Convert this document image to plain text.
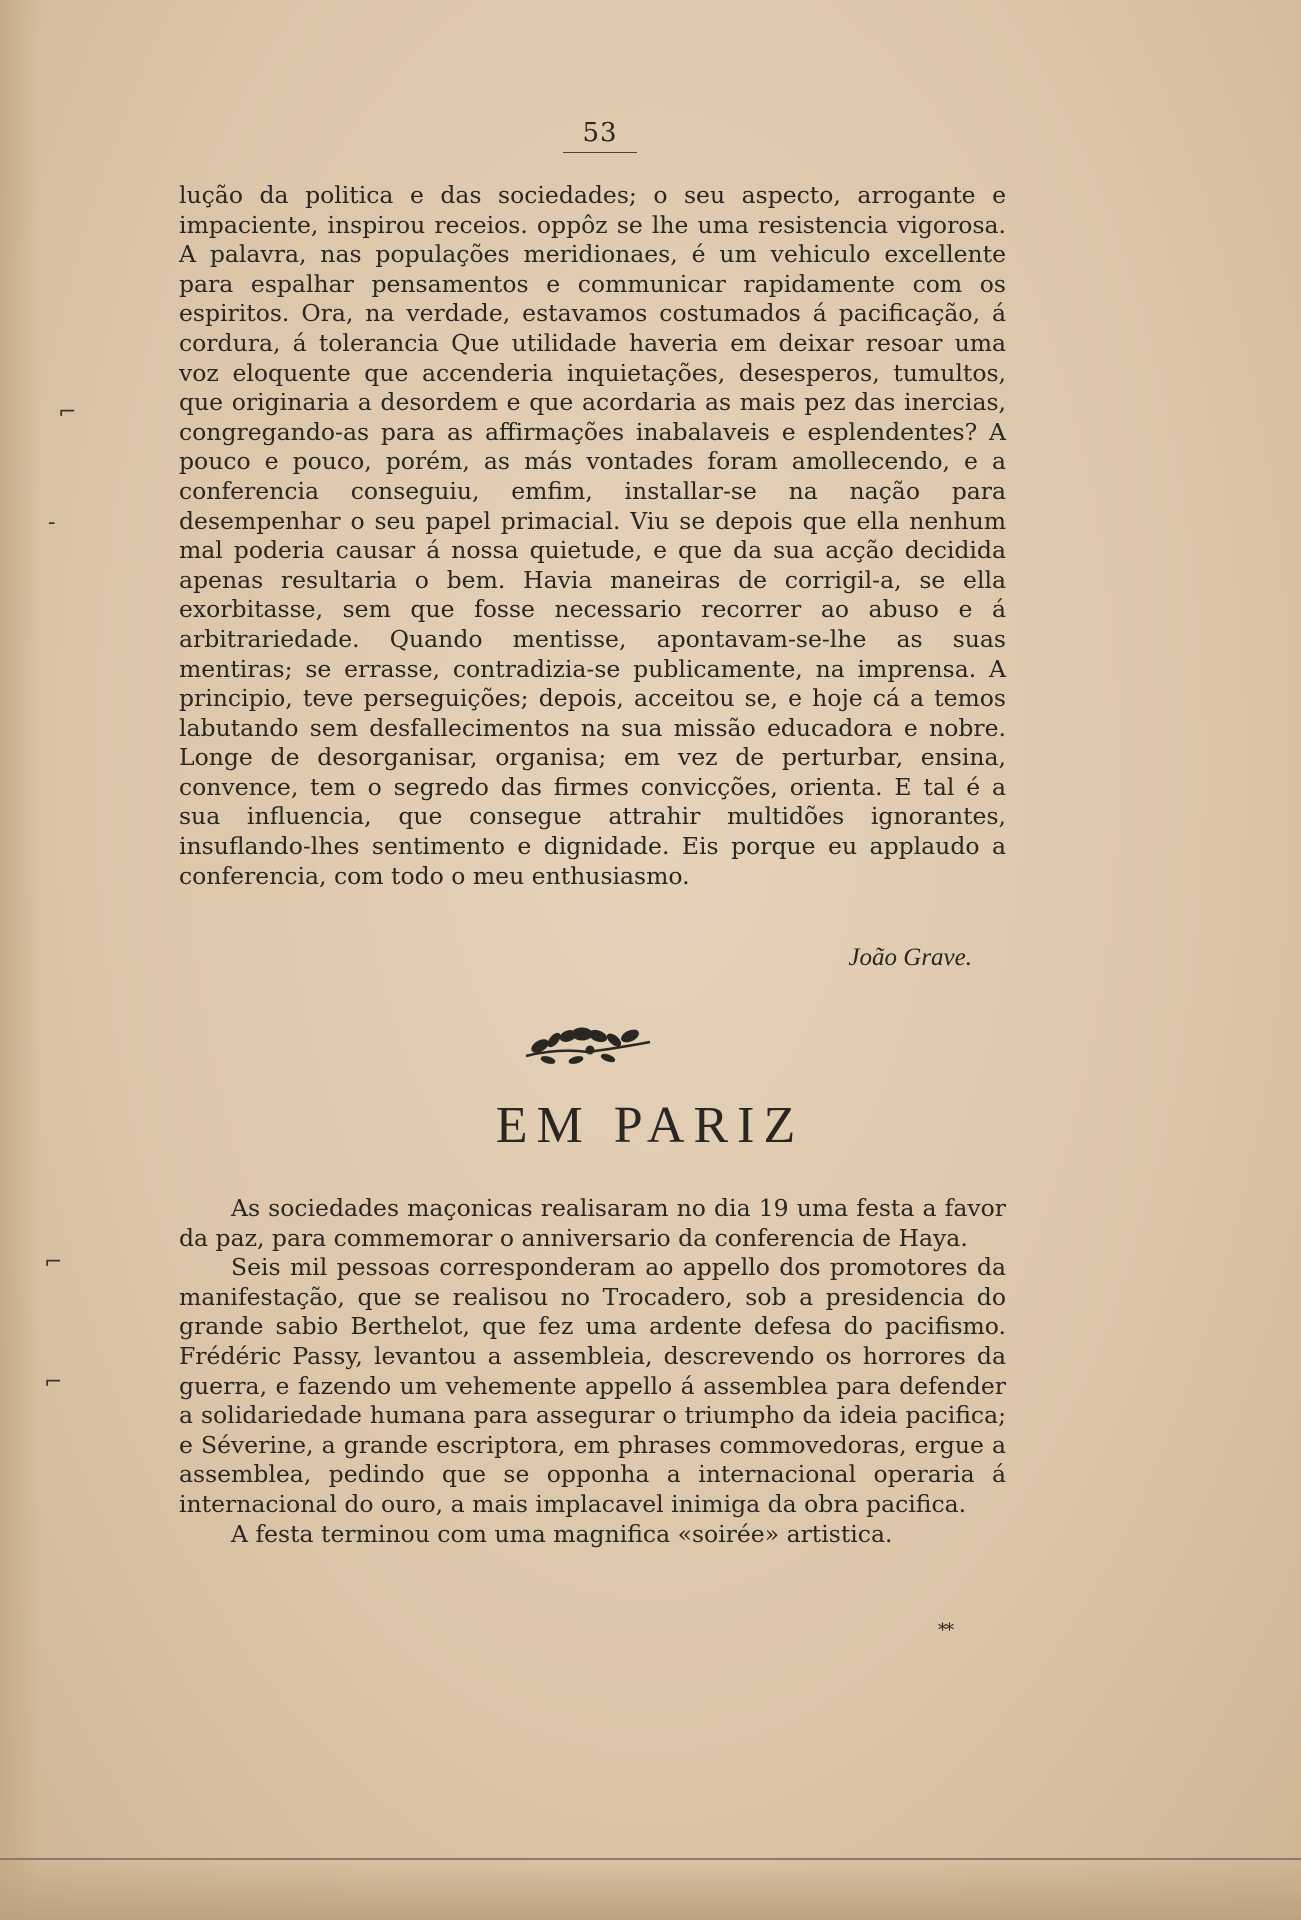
⌐
‐
⌐
⌐
53

lução da politica e das sociedades; o seu aspecto, arrogante e impaciente, inspirou receios. oppôz se lhe uma resistencia vigorosa. A palavra, nas populações meridionaes, é um vehiculo excellente para espalhar pensamentos e communicar rapidamente com os espiritos. Ora, na verdade, estavamos costumados á pacificação, á cordura, á tolerancia Que utilidade haveria em deixar resoar uma voz eloquente que accenderia inquietações, desesperos, tumultos, que originaria a desordem e que acordaria as mais pez das inercias, congregando-as para as affirmações inabalaveis e esplendentes? A pouco e pouco, porém, as más vontades foram amollecendo, e a conferencia conseguiu, emfim, installar-se na nação para desempenhar o seu papel primacial. Viu se depois que ella nenhum mal poderia causar á nossa quietude, e que da sua acção decidida apenas resultaria o bem. Havia maneiras de corrigil-a, se ella exorbitasse, sem que fosse necessario recorrer ao abuso e á arbitrariedade. Quando mentisse, apontavam-se-lhe as suas mentiras; se errasse, contradizia-se publicamente, na imprensa. A principio, teve perseguições; depois, acceitou se, e hoje cá a temos labutando sem desfallecimentos na sua missão educadora e nobre. Longe de desorganisar, organisa; em vez de perturbar, ensina, convence, tem o segredo das firmes convicções, orienta. E tal é a sua influencia, que consegue attrahir multidões ignorantes, insuflando-lhes sentimento e dignidade. Eis porque eu applaudo a conferencia, com todo o meu enthusiasmo.

João Grave.
EM PARIZ

As sociedades maçonicas realisaram no dia 19 uma festa a favor da paz, para commemorar o anniversario da conferencia de Haya.

Seis mil pessoas corresponderam ao appello dos promotores da manifestação, que se realisou no Trocadero, sob a presidencia do grande sabio Berthelot, que fez uma ardente defesa do pacifismo. Frédéric Passy, levantou a assembleia, descrevendo os horrores da guerra, e fazendo um vehemente appello á assemblea para defender a solidariedade humana para assegurar o triumpho da ideia pacifica; e Séverine, a grande escriptora, em phrases commovedoras, ergue a assemblea, pedindo que se opponha a internacional operaria á internacional do ouro, a mais implacavel inimiga da obra pacifica.

A festa terminou com uma magnifica «soirée» artistica.

**
